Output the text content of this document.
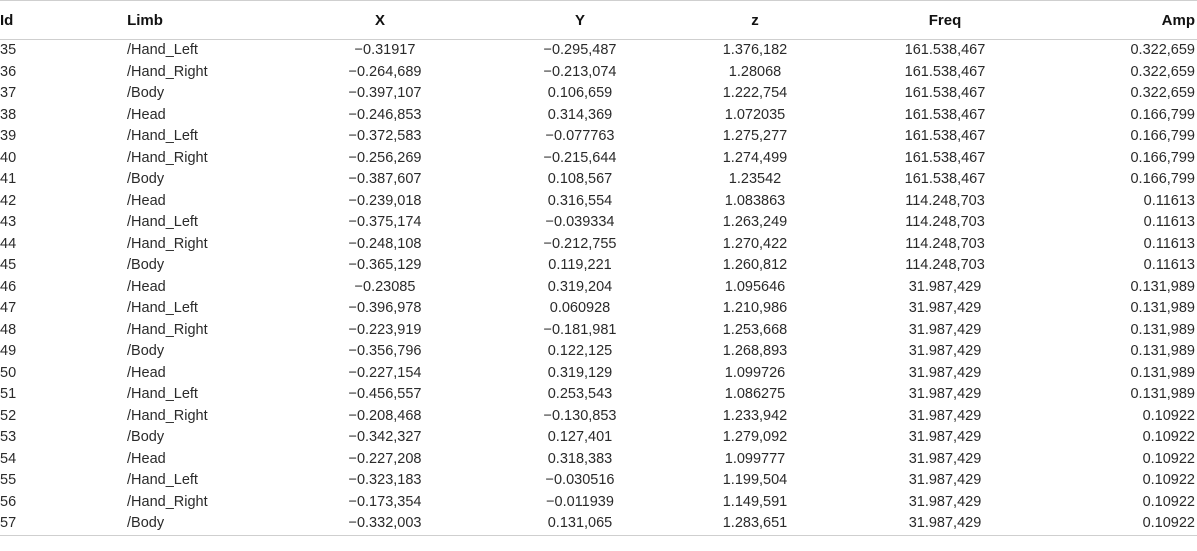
Id	Limb	X	Y	z	Freq	Amp
35	/Hand_Left	−0.31917	−0.295,487	1.376,182	161.538,467	0.322,659
36	/Hand_Right	−0.264,689	−0.213,074	1.28068	161.538,467	0.322,659
37	/Body	−0.397,107	0.106,659	1.222,754	161.538,467	0.322,659
38	/Head	−0.246,853	0.314,369	1.072035	161.538,467	0.166,799
39	/Hand_Left	−0.372,583	−0.077763	1.275,277	161.538,467	0.166,799
40	/Hand_Right	−0.256,269	−0.215,644	1.274,499	161.538,467	0.166,799
41	/Body	−0.387,607	0.108,567	1.23542	161.538,467	0.166,799
42	/Head	−0.239,018	0.316,554	1.083863	114.248,703	0.11613
43	/Hand_Left	−0.375,174	−0.039334	1.263,249	114.248,703	0.11613
44	/Hand_Right	−0.248,108	−0.212,755	1.270,422	114.248,703	0.11613
45	/Body	−0.365,129	0.119,221	1.260,812	114.248,703	0.11613
46	/Head	−0.23085	0.319,204	1.095646	31.987,429	0.131,989
47	/Hand_Left	−0.396,978	0.060928	1.210,986	31.987,429	0.131,989
48	/Hand_Right	−0.223,919	−0.181,981	1.253,668	31.987,429	0.131,989
49	/Body	−0.356,796	0.122,125	1.268,893	31.987,429	0.131,989
50	/Head	−0.227,154	0.319,129	1.099726	31.987,429	0.131,989
51	/Hand_Left	−0.456,557	0.253,543	1.086275	31.987,429	0.131,989
52	/Hand_Right	−0.208,468	−0.130,853	1.233,942	31.987,429	0.10922
53	/Body	−0.342,327	0.127,401	1.279,092	31.987,429	0.10922
54	/Head	−0.227,208	0.318,383	1.099777	31.987,429	0.10922
55	/Hand_Left	−0.323,183	−0.030516	1.199,504	31.987,429	0.10922
56	/Hand_Right	−0.173,354	−0.011939	1.149,591	31.987,429	0.10922
57	/Body	−0.332,003	0.131,065	1.283,651	31.987,429	0.10922
